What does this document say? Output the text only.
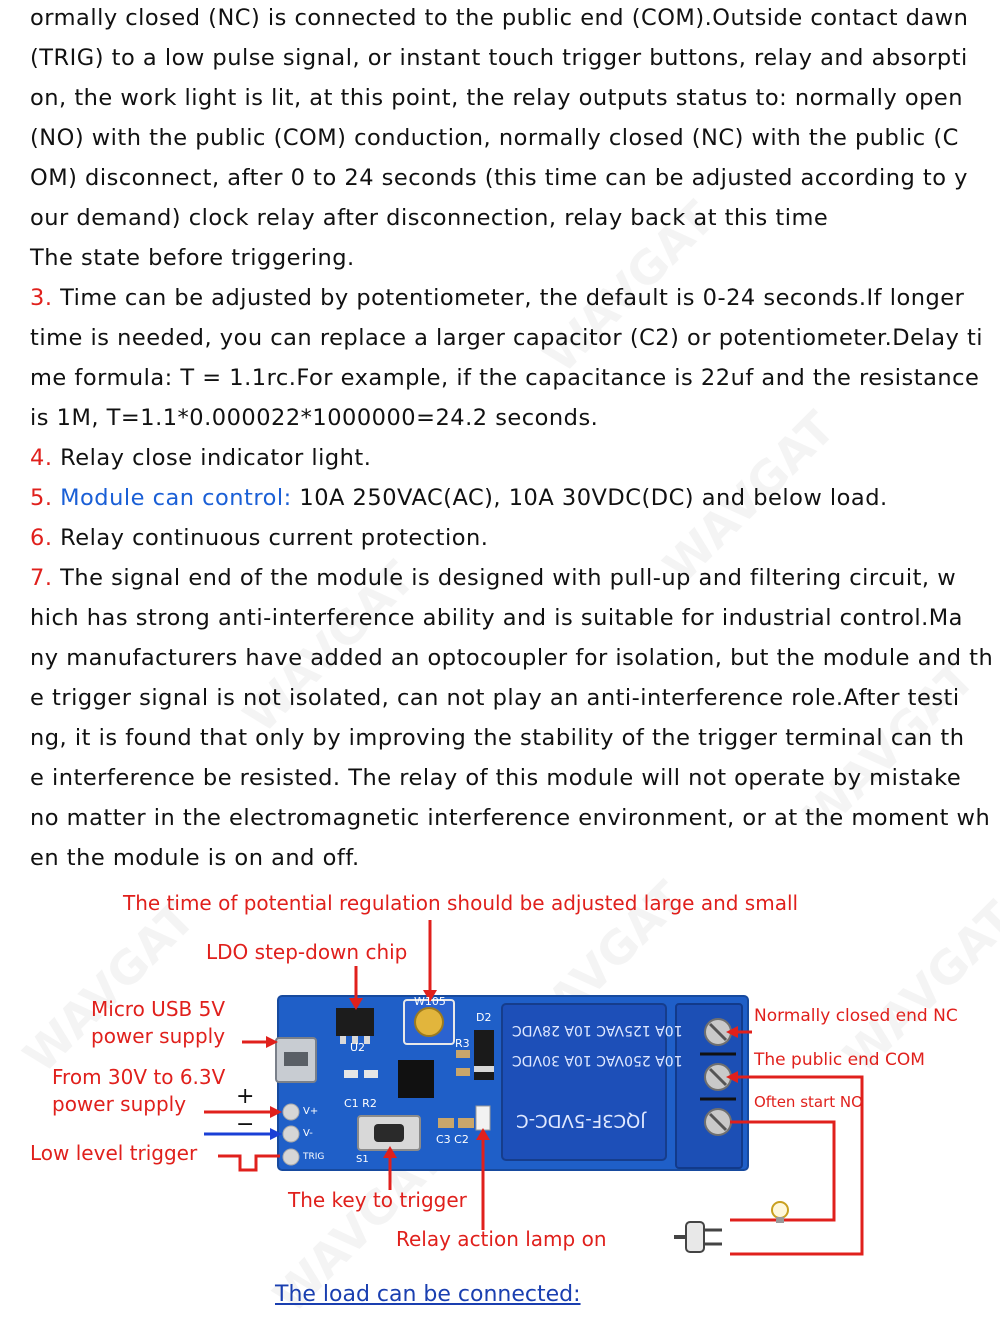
ormally closed (NC) is connected to the public end (COM).Outside contact dawn
(TRIG) to a low pulse signal, or instant touch trigger buttons, relay and absorpti
on, the work light is lit, at this point, the relay outputs status to: normally open
(NO) with the public (COM) conduction, normally closed (NC) with the public (C
OM) disconnect, after 0 to 24 seconds (this time can be adjusted according to y
our demand) clock relay after disconnection, relay back at this time
The state before triggering.
3. Time can be adjusted by potentiometer, the default is 0-24 seconds.If longer
time is needed, you can replace a larger capacitor (C2) or potentiometer.Delay ti
me formula: T = 1.1rc.For example, if the capacitance is 22uf and the resistance
is 1M, T=1.1*0.000022*1000000=24.2 seconds.
4. Relay close indicator light.
5. Module can control: 10A 250VAC(AC), 10A 30VDC(DC) and below load.
6. Relay continuous current protection.
7. The signal end of the module is designed with pull-up and filtering circuit, w
hich has strong anti-interference ability and is suitable for industrial control.Ma
ny manufacturers have added an optocoupler for isolation, but the module and th
e trigger signal is not isolated, can not play an anti-interference role.After testi
ng, it is found that only by improving the stability of the trigger terminal can th
e interference be resisted. The relay of this module will not operate by mistake
no matter in the electromagnetic interference environment, or at the moment wh
en the module is on and off.
U2	R3
D2
C1 R2
C3 C2
S1
V+
V-
TRIG
W105
10A 125VAC 10A 28VDC
10A 250VAC 10A 30VDC
JQC3F-5VDC-C
The time of potential regulation should be adjusted large and small
LDO step-down chip
Micro USB 5V
power supply
From 30V to 6.3V
power supply +
−
Low level trigger
Normally closed end NC
The public end COM
Often start NO
The key to trigger
Relay action lamp on
The load can be connected:
